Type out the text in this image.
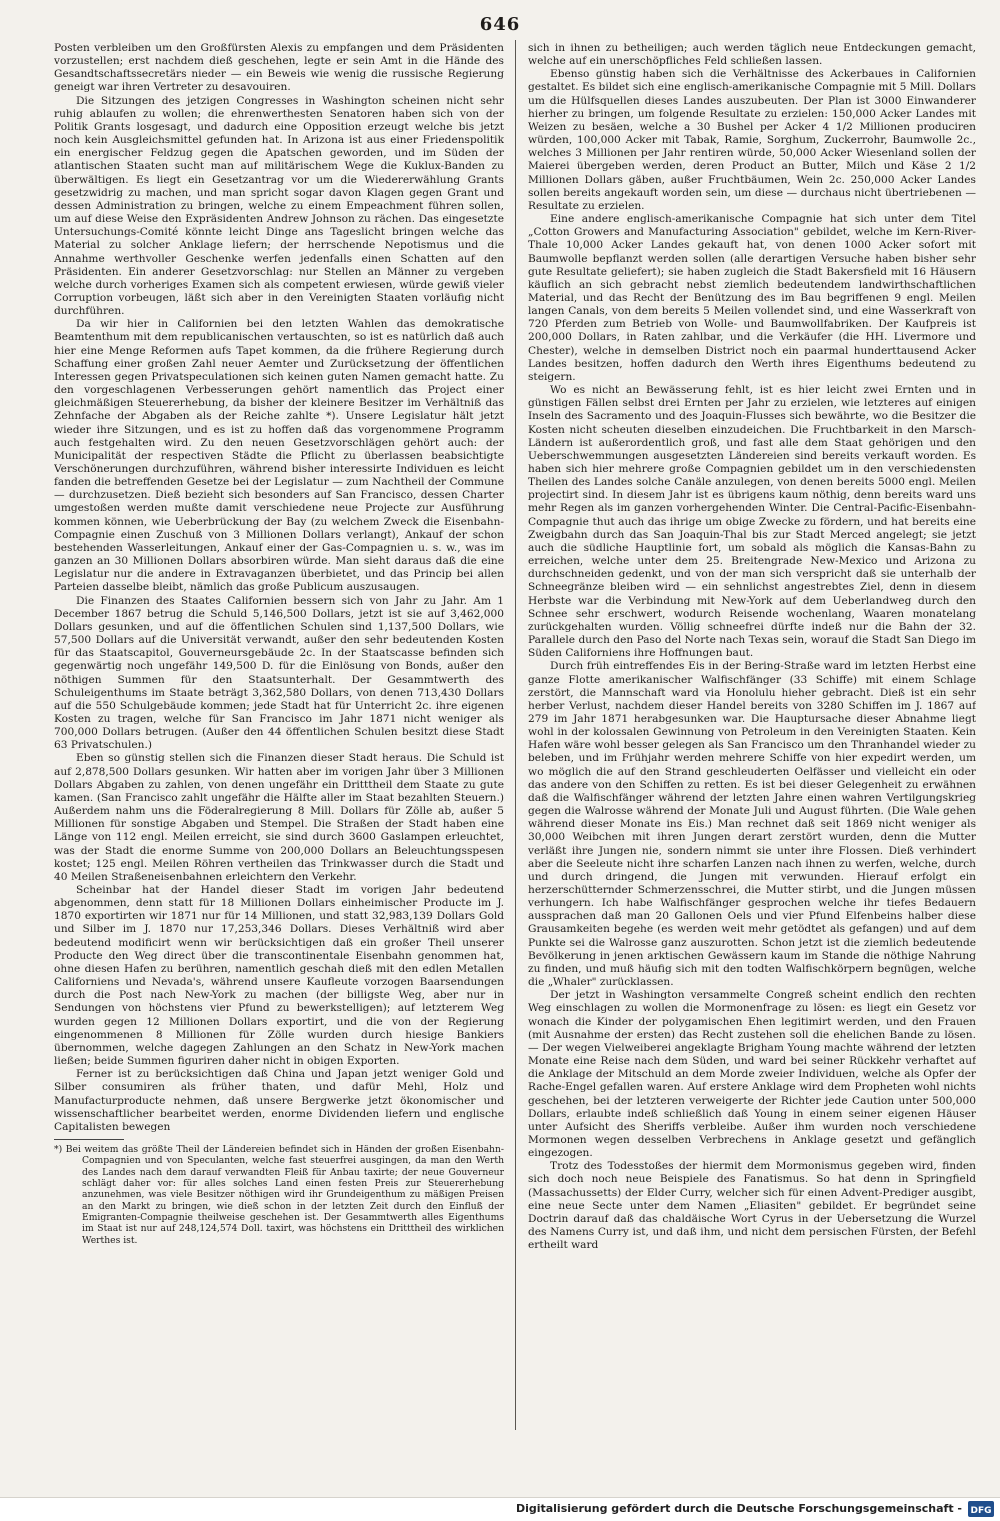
646

Posten verbleiben um den Großfürsten Alexis zu empfangen und dem Präsidenten vorzustellen; erst nachdem dieß geschehen, legte er sein Amt in die Hände des Gesandtschaftssecretärs nieder — ein Beweis wie wenig die russische Regierung geneigt war ihren Vertreter zu desavouiren.

Die Sitzungen des jetzigen Congresses in Washington scheinen nicht sehr ruhig ablaufen zu wollen; die ehrenwerthesten Senatoren haben sich von der Politik Grants losgesagt, und dadurch eine Opposition erzeugt welche bis jetzt noch kein Ausgleichsmittel gefunden hat. In Arizona ist aus einer Friedenspolitik ein energischer Feldzug gegen die Apatschen geworden, und im Süden der atlantischen Staaten sucht man auf militärischem Wege die Kuklux-Banden zu überwältigen. Es liegt ein Gesetzantrag vor um die Wiedererwählung Grants gesetzwidrig zu machen, und man spricht sogar davon Klagen gegen Grant und dessen Administration zu bringen, welche zu einem Empeachment führen sollen, um auf diese Weise den Expräsidenten Andrew Johnson zu rächen. Das eingesetzte Untersuchungs-Comité könnte leicht Dinge ans Tageslicht bringen welche das Material zu solcher Anklage liefern; der herrschende Nepotismus und die Annahme werthvoller Geschenke werfen jedenfalls einen Schatten auf den Präsidenten. Ein anderer Gesetzvorschlag: nur Stellen an Männer zu vergeben welche durch vorheriges Examen sich als competent erwiesen, würde gewiß vieler Corruption vorbeugen, läßt sich aber in den Vereinigten Staaten vorläufig nicht durchführen.

Da wir hier in Californien bei den letzten Wahlen das demokratische Beamtenthum mit dem republicanischen vertauschten, so ist es natürlich daß auch hier eine Menge Reformen aufs Tapet kommen, da die frühere Regierung durch Schaffung einer großen Zahl neuer Aemter und Zurücksetzung der öffentlichen Interessen gegen Privatspeculationen sich keinen guten Namen gemacht hatte. Zu den vorgeschlagenen Verbesserungen gehört namentlich das Project einer gleichmäßigen Steuererhebung, da bisher der kleinere Besitzer im Verhältniß das Zehnfache der Abgaben als der Reiche zahlte *). Unsere Legislatur hält jetzt wieder ihre Sitzungen, und es ist zu hoffen daß das vorgenommene Programm auch festgehalten wird. Zu den neuen Gesetzvorschlägen gehört auch: der Municipalität der respectiven Städte die Pflicht zu überlassen beabsichtigte Verschönerungen durchzuführen, während bisher interessirte Individuen es leicht fanden die betreffenden Gesetze bei der Legislatur — zum Nachtheil der Commune — durchzusetzen. Dieß bezieht sich besonders auf San Francisco, dessen Charter umgestoßen werden mußte damit verschiedene neue Projecte zur Ausführung kommen können, wie Ueberbrückung der Bay (zu welchem Zweck die Eisenbahn-Compagnie einen Zuschuß von 3 Millionen Dollars verlangt), Ankauf der schon bestehenden Wasserleitungen, Ankauf einer der Gas-Compagnien u. s. w., was im ganzen an 30 Millionen Dollars absorbiren würde. Man sieht daraus daß die eine Legislatur nur die andere in Extravaganzen überbietet, und das Princip bei allen Parteien dasselbe bleibt, nämlich das große Publicum auszusaugen.

Die Finanzen des Staates Californien bessern sich von Jahr zu Jahr. Am 1 December 1867 betrug die Schuld 5,146,500 Dollars, jetzt ist sie auf 3,462,000 Dollars gesunken, und auf die öffentlichen Schulen sind 1,137,500 Dollars, wie 57,500 Dollars auf die Universität verwandt, außer den sehr bedeutenden Kosten für das Staatscapitol, Gouverneursgebäude 2c. In der Staatscasse befinden sich gegenwärtig noch ungefähr 149,500 D. für die Einlösung von Bonds, außer den nöthigen Summen für den Staatsunterhalt. Der Gesammtwerth des Schuleigenthums im Staate beträgt 3,362,580 Dollars, von denen 713,430 Dollars auf die 550 Schulgebäude kommen; jede Stadt hat für Unterricht 2c. ihre eigenen Kosten zu tragen, welche für San Francisco im Jahr 1871 nicht weniger als 700,000 Dollars betrugen. (Außer den 44 öffentlichen Schulen besitzt diese Stadt 63 Privatschulen.)

Eben so günstig stellen sich die Finanzen dieser Stadt heraus. Die Schuld ist auf 2,878,500 Dollars gesunken. Wir hatten aber im vorigen Jahr über 3 Millionen Dollars Abgaben zu zahlen, von denen ungefähr ein Dritttheil dem Staate zu gute kamen. (San Francisco zahlt ungefähr die Hälfte aller im Staat bezahlten Steuern.) Außerdem nahm uns die Föderalregierung 8 Mill. Dollars für Zölle ab, außer 5 Millionen für sonstige Abgaben und Stempel. Die Straßen der Stadt haben eine Länge von 112 engl. Meilen erreicht, sie sind durch 3600 Gaslampen erleuchtet, was der Stadt die enorme Summe von 200,000 Dollars an Beleuchtungsspesen kostet; 125 engl. Meilen Röhren vertheilen das Trinkwasser durch die Stadt und 40 Meilen Straßeneisenbahnen erleichtern den Verkehr.

Scheinbar hat der Handel dieser Stadt im vorigen Jahr bedeutend abgenommen, denn statt für 18 Millionen Dollars einheimischer Producte im J. 1870 exportirten wir 1871 nur für 14 Millionen, und statt 32,983,139 Dollars Gold und Silber im J. 1870 nur 17,253,346 Dollars. Dieses Verhältniß wird aber bedeutend modificirt wenn wir berücksichtigen daß ein großer Theil unserer Producte den Weg direct über die transcontinentale Eisenbahn genommen hat, ohne diesen Hafen zu berühren, namentlich geschah dieß mit den edlen Metallen Californiens und Nevada's, während unsere Kaufleute vorzogen Baarsendungen durch die Post nach New-York zu machen (der billigste Weg, aber nur in Sendungen von höchstens vier Pfund zu bewerkstelligen); auf letzterem Weg wurden gegen 12 Millionen Dollars exportirt, und die von der Regierung eingenommenen 8 Millionen für Zölle wurden durch hiesige Bankiers übernommen, welche dagegen Zahlungen an den Schatz in New-York machen ließen; beide Summen figuriren daher nicht in obigen Exporten.

Ferner ist zu berücksichtigen daß China und Japan jetzt weniger Gold und Silber consumiren als früher thaten, und dafür Mehl, Holz und Manufacturproducte nehmen, daß unsere Bergwerke jetzt ökonomischer und wissenschaftlicher bearbeitet werden, enorme Dividenden liefern und englische Capitalisten bewegen

*) Bei weitem das größte Theil der Ländereien befindet sich in Händen der großen Eisenbahn-Compagnien und von Speculanten, welche fast steuerfrei ausgingen, da man den Werth des Landes nach dem darauf verwandten Fleiß für Anbau taxirte; der neue Gouverneur schlägt daher vor: für alles solches Land einen festen Preis zur Steuererhebung anzunehmen, was viele Besitzer nöthigen wird ihr Grundeigenthum zu mäßigen Preisen an den Markt zu bringen, wie dieß schon in der letzten Zeit durch den Einfluß der Emigranten-Compagnie theilweise geschehen ist. Der Gesammtwerth alles Eigenthums im Staat ist nur auf 248,124,574 Doll. taxirt, was höchstens ein Dritttheil des wirklichen Werthes ist.

sich in ihnen zu betheiligen; auch werden täglich neue Entdeckungen gemacht, welche auf ein unerschöpfliches Feld schließen lassen.

Ebenso günstig haben sich die Verhältnisse des Ackerbaues in Californien gestaltet. Es bildet sich eine englisch-amerikanische Compagnie mit 5 Mill. Dollars um die Hülfsquellen dieses Landes auszubeuten. Der Plan ist 3000 Einwanderer hierher zu bringen, um folgende Resultate zu erzielen: 150,000 Acker Landes mit Weizen zu besäen, welche a 30 Bushel per Acker 4 1/2 Millionen produciren würden, 100,000 Acker mit Tabak, Ramie, Sorghum, Zuckerrohr, Baumwolle 2c., welches 3 Millionen per Jahr rentiren würde, 50,000 Acker Wiesenland sollen der Maierei übergeben werden, deren Product an Butter, Milch und Käse 2 1/2 Millionen Dollars gäben, außer Fruchtbäumen, Wein 2c. 250,000 Acker Landes sollen bereits angekauft worden sein, um diese — durchaus nicht übertriebenen — Resultate zu erzielen.

Eine andere englisch-amerikanische Compagnie hat sich unter dem Titel „Cotton Growers and Manufacturing Association" gebildet, welche im Kern-River-Thale 10,000 Acker Landes gekauft hat, von denen 1000 Acker sofort mit Baumwolle bepflanzt werden sollen (alle derartigen Versuche haben bisher sehr gute Resultate geliefert); sie haben zugleich die Stadt Bakersfield mit 16 Häusern käuflich an sich gebracht nebst ziemlich bedeutendem landwirthschaftlichen Material, und das Recht der Benützung des im Bau begriffenen 9 engl. Meilen langen Canals, von dem bereits 5 Meilen vollendet sind, und eine Wasserkraft von 720 Pferden zum Betrieb von Wolle- und Baumwollfabriken. Der Kaufpreis ist 200,000 Dollars, in Raten zahlbar, und die Verkäufer (die HH. Livermore und Chester), welche in demselben District noch ein paarmal hunderttausend Acker Landes besitzen, hoffen dadurch den Werth ihres Eigenthums bedeutend zu steigern.

Wo es nicht an Bewässerung fehlt, ist es hier leicht zwei Ernten und in günstigen Fällen selbst drei Ernten per Jahr zu erzielen, wie letzteres auf einigen Inseln des Sacramento und des Joaquin-Flusses sich bewährte, wo die Besitzer die Kosten nicht scheuten dieselben einzudeichen. Die Fruchtbarkeit in den Marsch-Ländern ist außerordentlich groß, und fast alle dem Staat gehörigen und den Ueberschwemmungen ausgesetzten Ländereien sind bereits verkauft worden. Es haben sich hier mehrere große Compagnien gebildet um in den verschiedensten Theilen des Landes solche Canäle anzulegen, von denen bereits 5000 engl. Meilen projectirt sind. In diesem Jahr ist es übrigens kaum nöthig, denn bereits ward uns mehr Regen als im ganzen vorhergehenden Winter. Die Central-Pacific-Eisenbahn-Compagnie thut auch das ihrige um obige Zwecke zu fördern, und hat bereits eine Zweigbahn durch das San Joaquin-Thal bis zur Stadt Merced angelegt; sie jetzt auch die südliche Hauptlinie fort, um sobald als möglich die Kansas-Bahn zu erreichen, welche unter dem 25. Breitengrade New-Mexico und Arizona zu durchschneiden gedenkt, und von der man sich verspricht daß sie unterhalb der Schneegränze bleiben wird — ein sehnlichst angestrebtes Ziel, denn in diesem Herbste war die Verbindung mit New-York auf dem Ueberlandweg durch den Schnee sehr erschwert, wodurch Reisende wochenlang, Waaren monatelang zurückgehalten wurden. Völlig schneefrei dürfte indeß nur die Bahn der 32. Parallele durch den Paso del Norte nach Texas sein, worauf die Stadt San Diego im Süden Californiens ihre Hoffnungen baut.

Durch früh eintreffendes Eis in der Bering-Straße ward im letzten Herbst eine ganze Flotte amerikanischer Walfischfänger (33 Schiffe) mit einem Schlage zerstört, die Mannschaft ward via Honolulu hieher gebracht. Dieß ist ein sehr herber Verlust, nachdem dieser Handel bereits von 3280 Schiffen im J. 1867 auf 279 im Jahr 1871 herabgesunken war. Die Hauptursache dieser Abnahme liegt wohl in der kolossalen Gewinnung von Petroleum in den Vereinigten Staaten. Kein Hafen wäre wohl besser gelegen als San Francisco um den Thranhandel wieder zu beleben, und im Frühjahr werden mehrere Schiffe von hier expedirt werden, um wo möglich die auf den Strand geschleuderten Oelfässer und vielleicht ein oder das andere von den Schiffen zu retten. Es ist bei dieser Gelegenheit zu erwähnen daß die Walfischfänger während der letzten Jahre einen wahren Vertilgungskrieg gegen die Walrosse während der Monate Juli und August führten. (Die Wale gehen während dieser Monate ins Eis.) Man rechnet daß seit 1869 nicht weniger als 30,000 Weibchen mit ihren Jungen derart zerstört wurden, denn die Mutter verläßt ihre Jungen nie, sondern nimmt sie unter ihre Flossen. Dieß verhindert aber die Seeleute nicht ihre scharfen Lanzen nach ihnen zu werfen, welche, durch und durch dringend, die Jungen mit verwunden. Hierauf erfolgt ein herzerschütternder Schmerzensschrei, die Mutter stirbt, und die Jungen müssen verhungern. Ich habe Walfischfänger gesprochen welche ihr tiefes Bedauern aussprachen daß man 20 Gallonen Oels und vier Pfund Elfenbeins halber diese Grausamkeiten begehe (es werden weit mehr getödtet als gefangen) und auf dem Punkte sei die Walrosse ganz auszurotten. Schon jetzt ist die ziemlich bedeutende Bevölkerung in jenen arktischen Gewässern kaum im Stande die nöthige Nahrung zu finden, und muß häufig sich mit den todten Walfischkörpern begnügen, welche die „Whaler" zurücklassen.

Der jetzt in Washington versammelte Congreß scheint endlich den rechten Weg einschlagen zu wollen die Mormonenfrage zu lösen: es liegt ein Gesetz vor wonach die Kinder der polygamischen Ehen legitimirt werden, und den Frauen (mit Ausnahme der ersten) das Recht zustehen soll die ehelichen Bande zu lösen. — Der wegen Vielweiberei angeklagte Brigham Young machte während der letzten Monate eine Reise nach dem Süden, und ward bei seiner Rückkehr verhaftet auf die Anklage der Mitschuld an dem Morde zweier Individuen, welche als Opfer der Rache-Engel gefallen waren. Auf erstere Anklage wird dem Propheten wohl nichts geschehen, bei der letzteren verweigerte der Richter jede Caution unter 500,000 Dollars, erlaubte indeß schließlich daß Young in einem seiner eigenen Häuser unter Aufsicht des Sheriffs verbleibe. Außer ihm wurden noch verschiedene Mormonen wegen desselben Verbrechens in Anklage gesetzt und gefänglich eingezogen.

Trotz des Todesstoßes der hiermit dem Mormonismus gegeben wird, finden sich doch noch neue Beispiele des Fanatismus. So hat denn in Springfield (Massachussetts) der Elder Curry, welcher sich für einen Advent-Prediger ausgibt, eine neue Secte unter dem Namen „Eliasiten" gebildet. Er begründet seine Doctrin darauf daß das chaldäische Wort Cyrus in der Uebersetzung die Wurzel des Namens Curry ist, und daß ihm, und nicht dem persischen Fürsten, der Befehl ertheilt ward

Digitalisierung gefördert durch die Deutsche Forschungsgemeinschaft - DFG
